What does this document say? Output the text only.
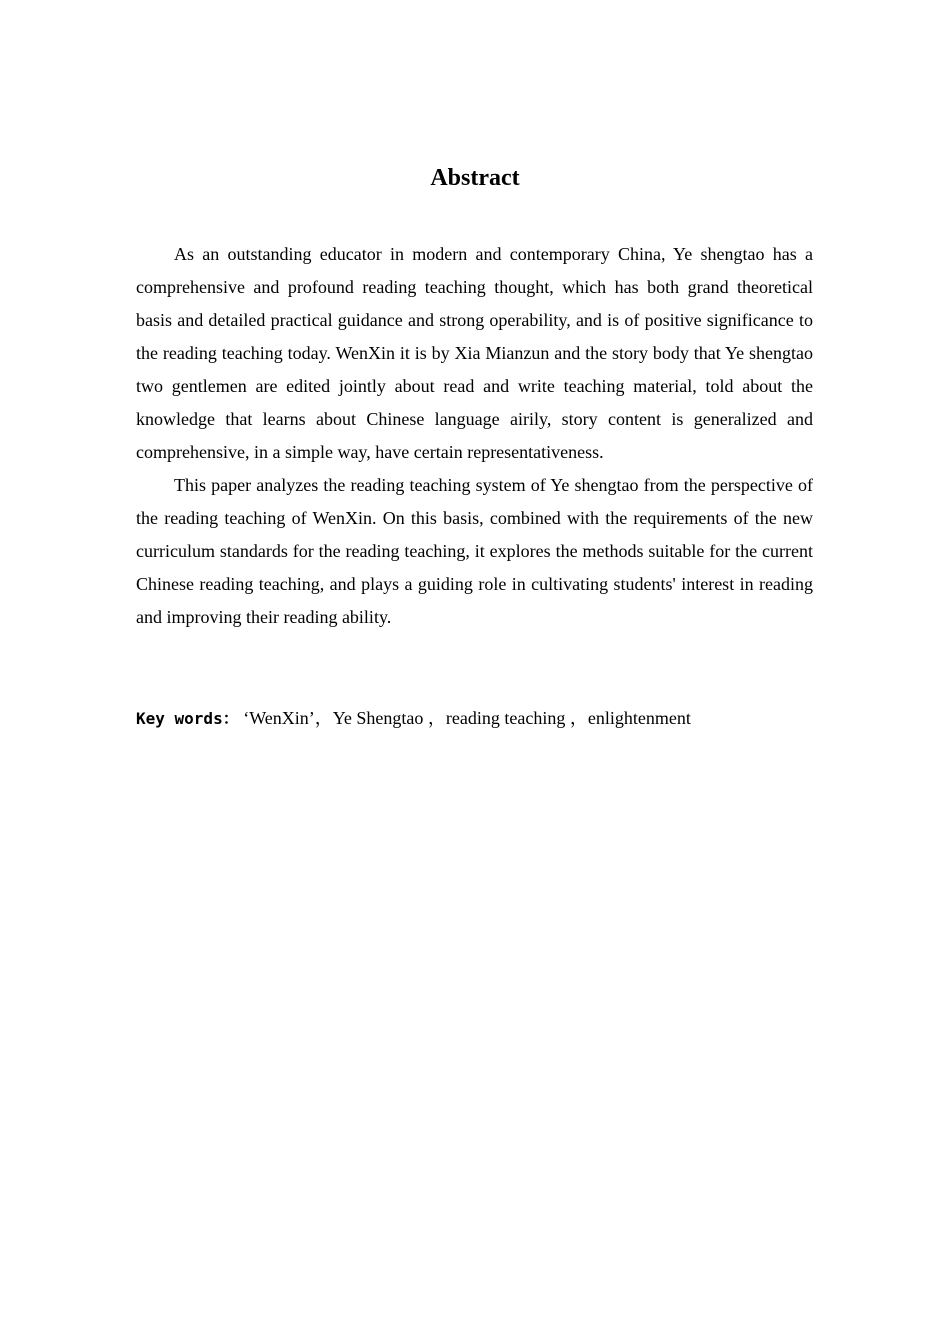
Abstract

As an outstanding educator in modern and contemporary China, Ye shengtao has a comprehensive and profound reading teaching thought, which has both grand theoretical basis and detailed practical guidance and strong operability, and is of positive significance to the reading teaching today. WenXin it is by Xia Mianzun and the story body that Ye shengtao two gentlemen are edited jointly about read and write teaching material, told about the knowledge that learns about Chinese language airily, story content is generalized and comprehensive, in a simple way, have certain representativeness.

This paper analyzes the reading teaching system of Ye shengtao from the perspective of the reading teaching of WenXin. On this basis, combined with the requirements of the new curriculum standards for the reading teaching, it explores the methods suitable for the current Chinese reading teaching, and plays a guiding role in cultivating students' interest in reading and improving their reading ability.

Key words： ‘WenXin’，Ye Shengtao ，reading teaching ，enlightenment
